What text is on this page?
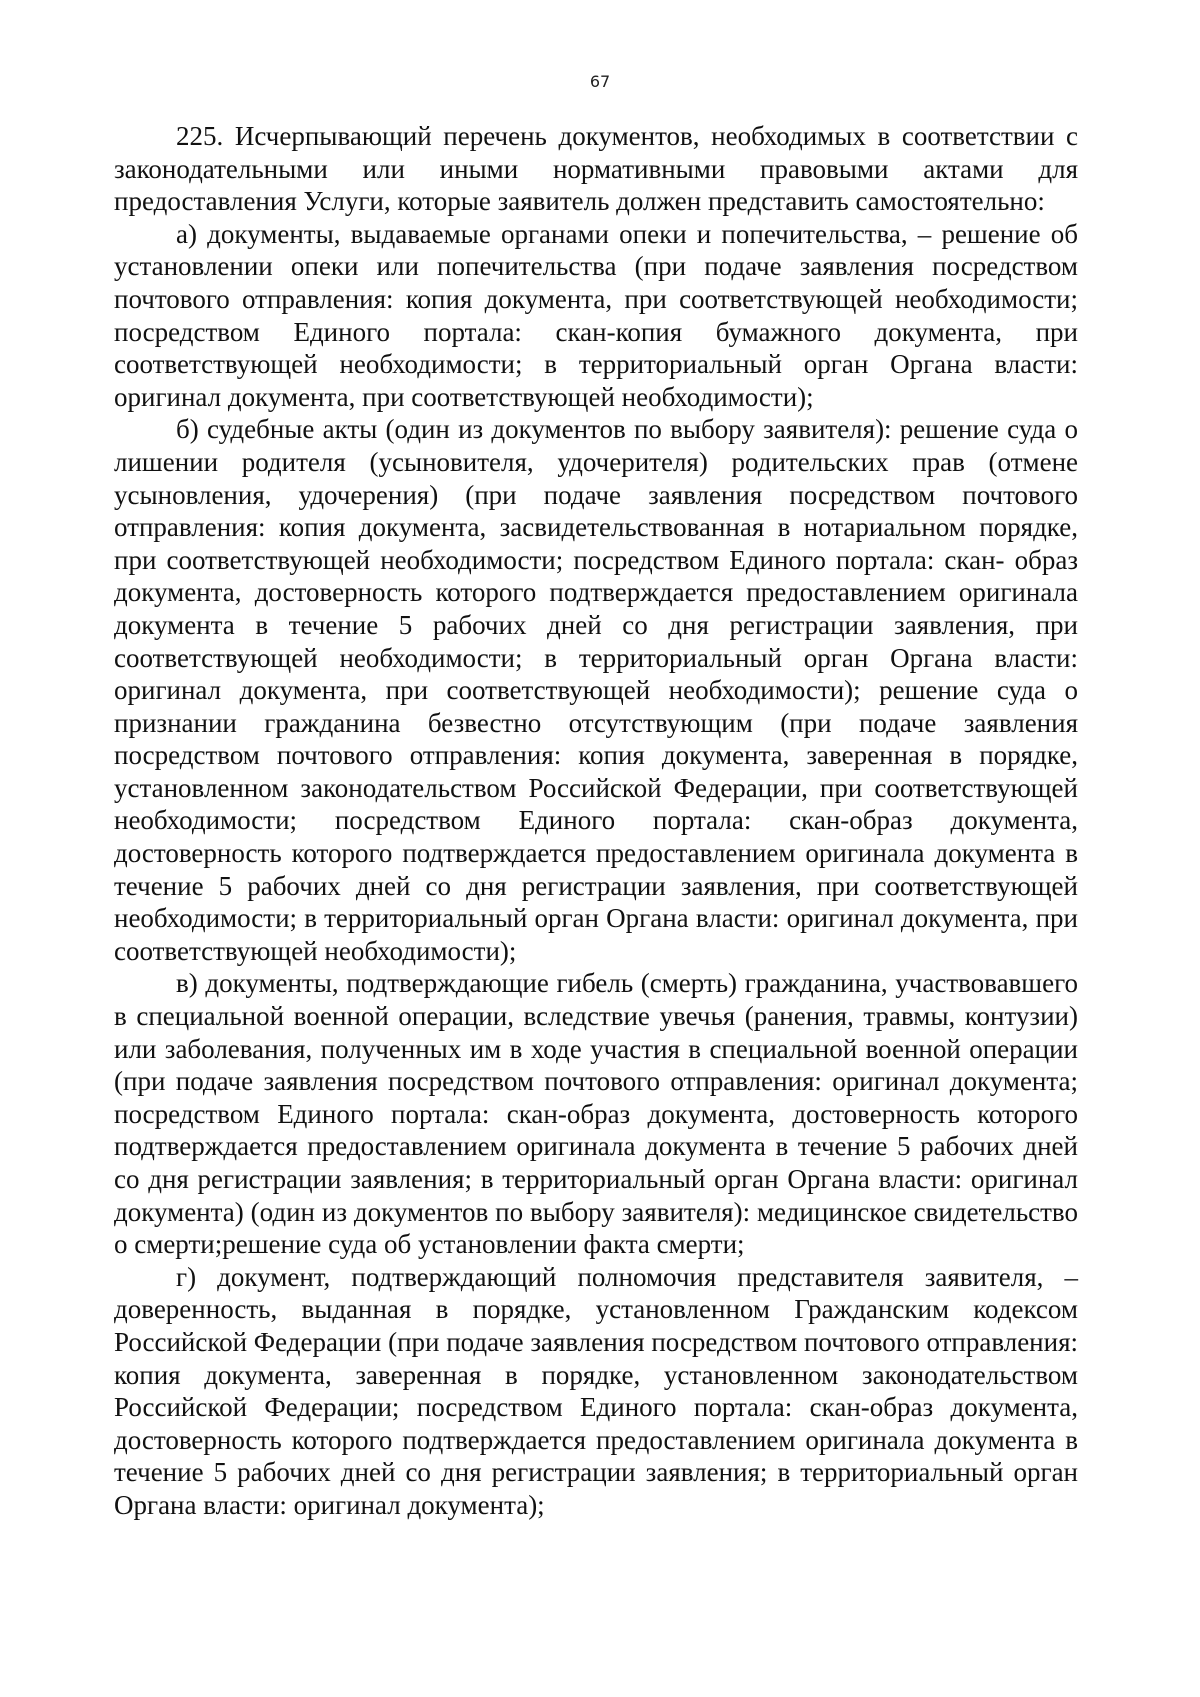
67

225. Исчерпывающий перечень документов, необходимых в соответствии с законодательными или иными нормативными правовыми актами для предоставления Услуги, которые заявитель должен представить самостоятельно:

а) документы, выдаваемые органами опеки и попечительства, – решение об установлении опеки или попечительства (при подаче заявления посредством почтового отправления: копия документа, при соответствующей необходимости; посредством Единого портала: скан-копия бумажного документа, при соответствующей необходимости; в территориальный орган Органа власти: оригинал документа, при соответствующей необходимости);

б) судебные акты (один из документов по выбору заявителя): решение суда о лишении родителя (усыновителя, удочерителя) родительских прав (отмене усыновления, удочерения) (при подаче заявления посредством почтового отправления: копия документа, засвидетельствованная в нотариальном порядке, при соответствующей необходимости; посредством Единого портала: скан- образ документа, достоверность которого подтверждается предоставлением оригинала документа в течение 5 рабочих дней со дня регистрации заявления, при соответствующей необходимости; в территориальный орган Органа власти: оригинал документа, при соответствующей необходимости); решение суда о признании гражданина безвестно отсутствующим (при подаче заявления посредством почтового отправления: копия документа, заверенная в порядке, установленном законодательством Российской Федерации, при соответствующей необходимости; посредством Единого портала: скан-образ документа, достоверность которого подтверждается предоставлением оригинала документа в течение 5 рабочих дней со дня регистрации заявления, при соответствующей необходимости; в территориальный орган Органа власти: оригинал документа, при соответствующей необходимости);

в) документы, подтверждающие гибель (смерть) гражданина, участвовавшего в специальной военной операции, вследствие увечья (ранения, травмы, контузии) или заболевания, полученных им в ходе участия в специальной военной операции (при подаче заявления посредством почтового отправления: оригинал документа; посредством Единого портала: скан-образ документа, достоверность которого подтверждается предоставлением оригинала документа в течение 5 рабочих дней со дня регистрации заявления; в территориальный орган Органа власти: оригинал документа) (один из документов по выбору заявителя): медицинское свидетельство о смерти;решение суда об установлении факта смерти;

г) документ, подтверждающий полномочия представителя заявителя, – доверенность, выданная в порядке, установленном Гражданским кодексом Российской Федерации (при подаче заявления посредством почтового отправления: копия документа, заверенная в порядке, установленном законодательством Российской Федерации; посредством Единого портала: скан-образ документа, достоверность которого подтверждается предоставлением оригинала документа в течение 5 рабочих дней со дня регистрации заявления; в территориальный орган Органа власти: оригинал документа);
